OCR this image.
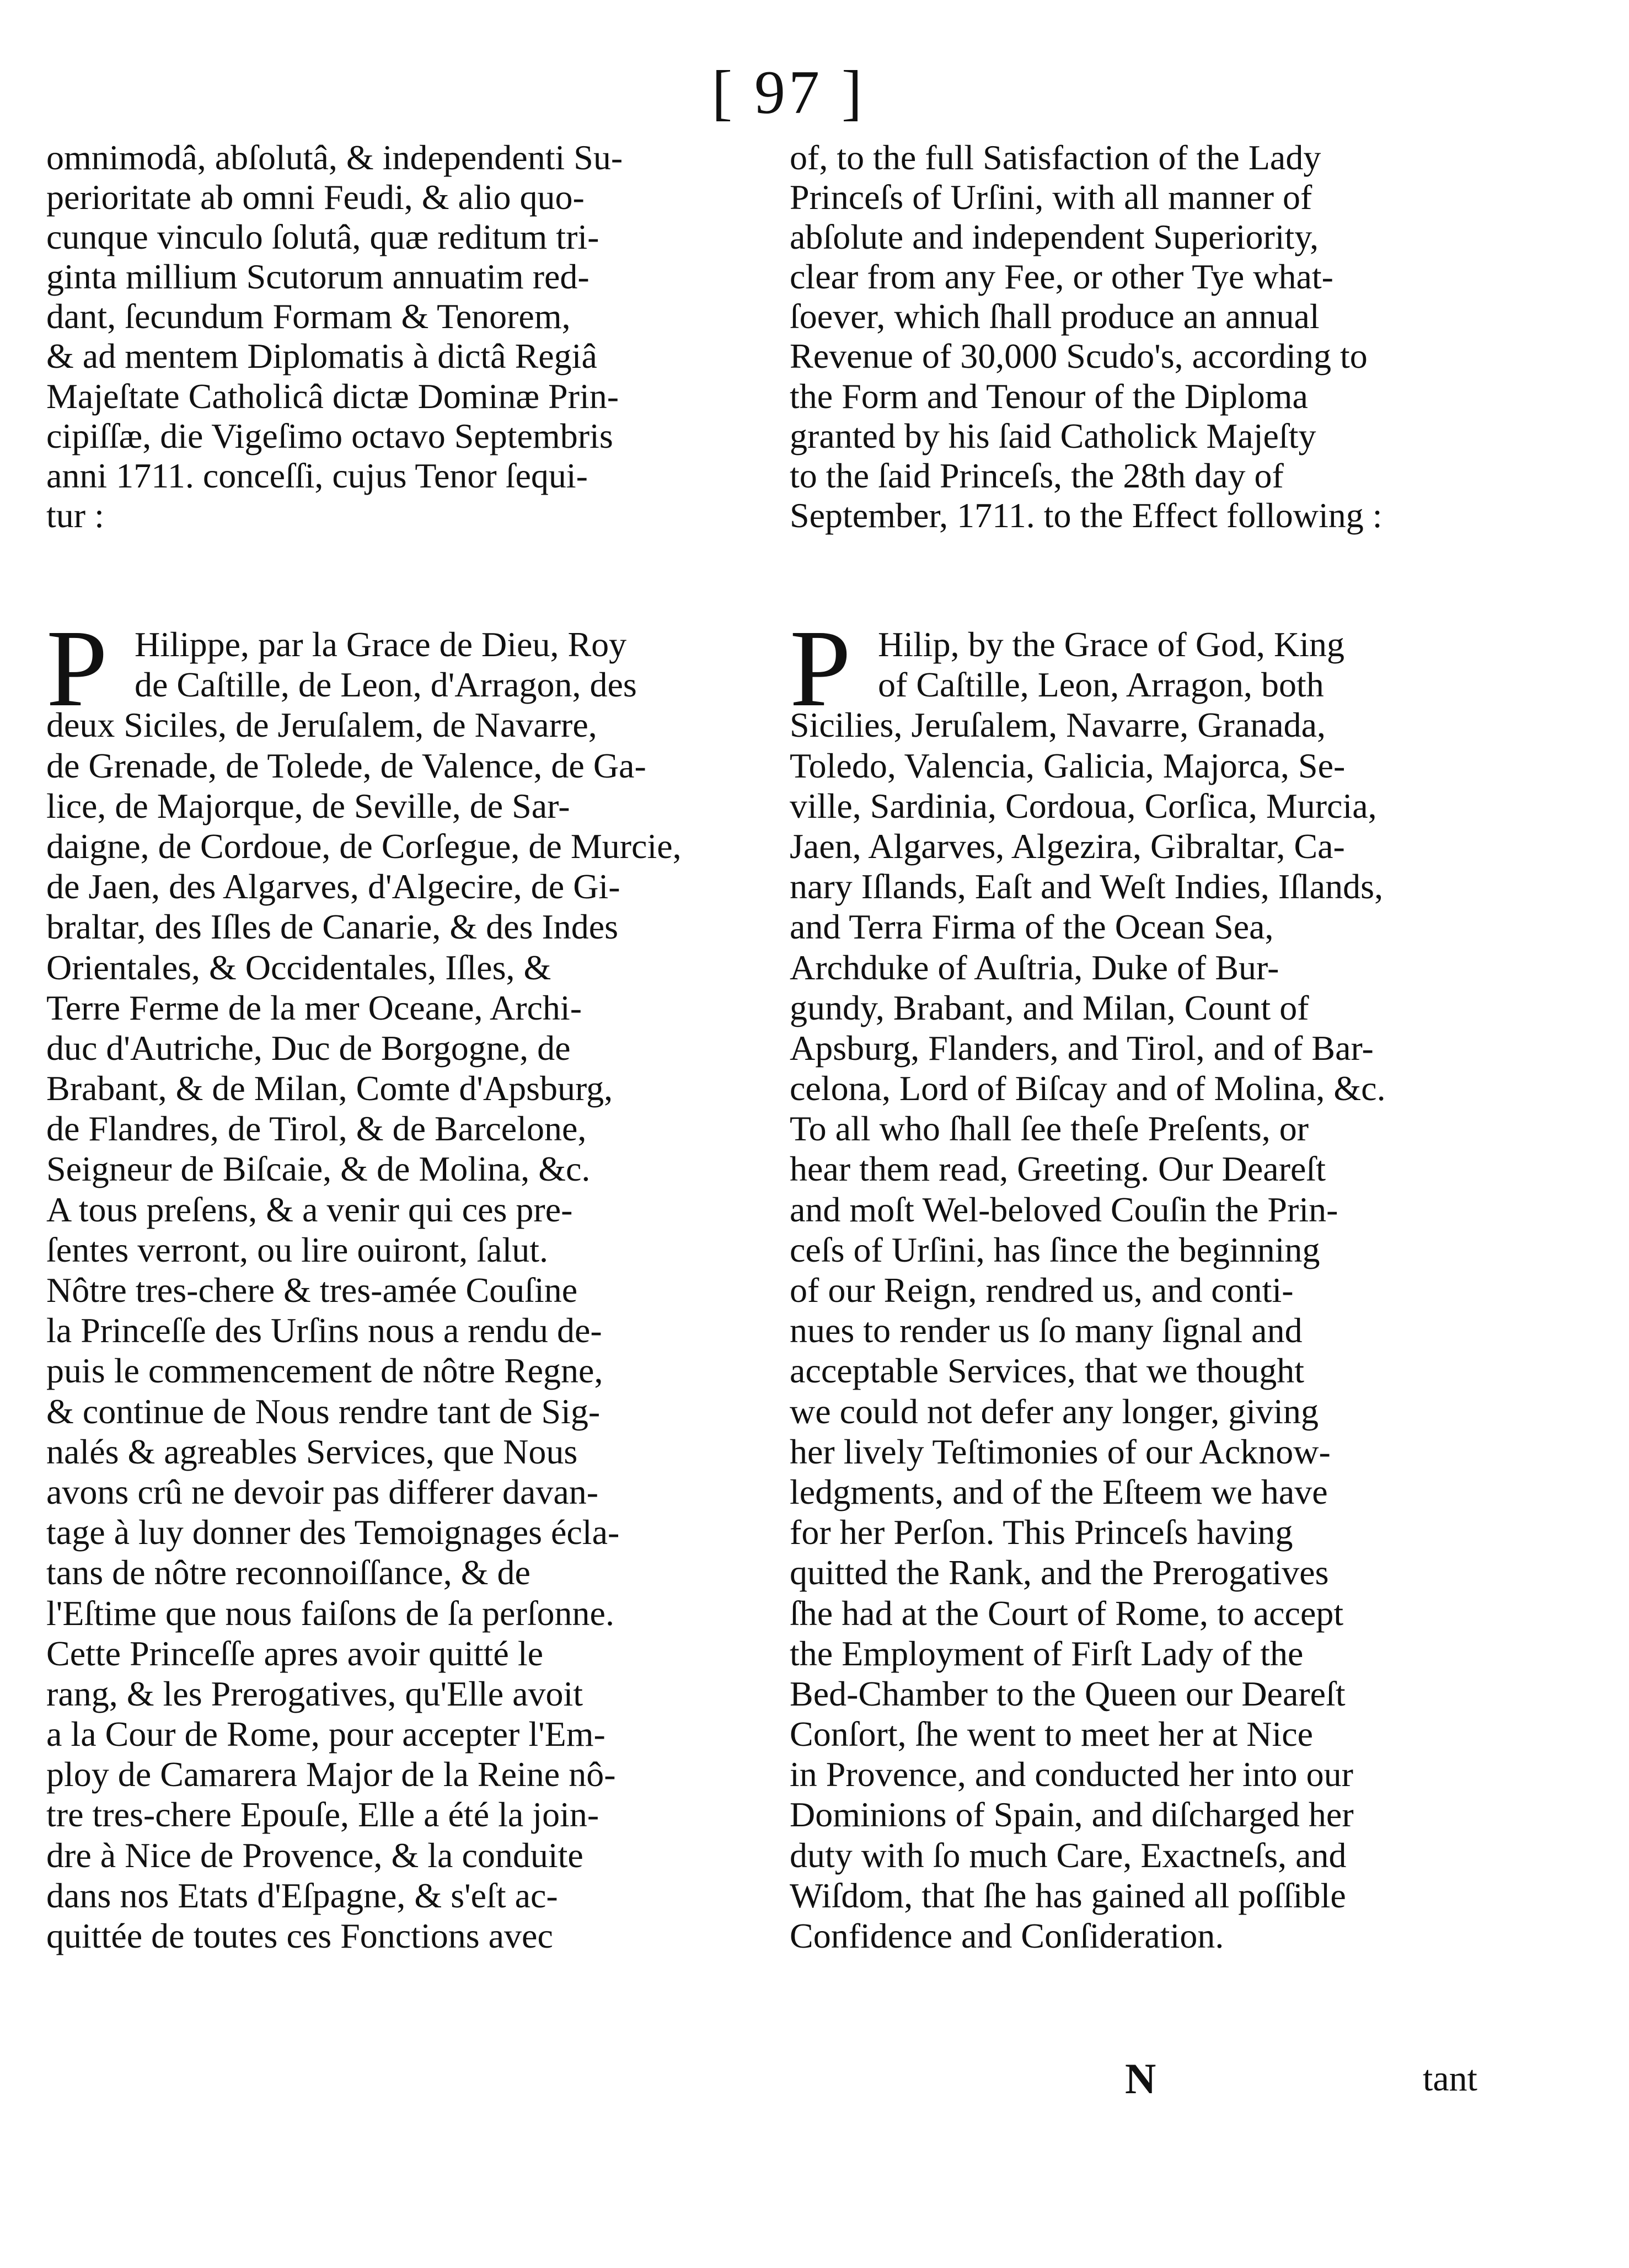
[ 97 ]
omnimodâ, abſolutâ, & independenti Su-
perioritate ab omni Feudi, & alio quo-
cunque vinculo ſolutâ, quæ reditum tri-
ginta millium Scutorum annuatim red-
dant, ſecundum Formam & Tenorem,
& ad mentem Diplomatis à dictâ Regiâ
Majeſtate Catholicâ dictæ Dominæ Prin-
cipiſſæ, die Vigeſimo octavo Septembris
anni 1711. conceſſi, cujus Tenor ſequi-
tur :
of, to the full Satisfaction of the Lady
Princeſs of Urſini, with all manner of
abſolute and independent Superiority,
clear from any Fee, or other Tye what-
ſoever, which ſhall produce an annual
Revenue of 30,000 Scudo's, according to
the Form and Tenour of the Diploma
granted by his ſaid Catholick Majeſty
to the ſaid Princeſs, the 28th day of
September, 1711. to the Effect following :
P Hilippe, par la Grace de Dieu, Roy
de Caſtille, de Leon, d'Arragon, des
deux Siciles, de Jeruſalem, de Navarre,
de Grenade, de Tolede, de Valence, de Ga-
lice, de Majorque, de Seville, de Sar-
daigne, de Cordoue, de Corſegue, de Murcie,
de Jaen, des Algarves, d'Algecire, de Gi-
braltar, des Iſles de Canarie, & des Indes
Orientales, & Occidentales, Iſles, &
Terre Ferme de la mer Oceane, Archi-
duc d'Autriche, Duc de Borgogne, de
Brabant, & de Milan, Comte d'Apsburg,
de Flandres, de Tirol, & de Barcelone,
Seigneur de Biſcaie, & de Molina, &c.
A tous preſens, & a venir qui ces pre-
ſentes verront, ou lire ouiront, ſalut.
Nôtre tres-chere & tres-amée Couſine
la Princeſſe des Urſins nous a rendu de-
puis le commencement de nôtre Regne,
& continue de Nous rendre tant de Sig-
nalés & agreables Services, que Nous
avons crû ne devoir pas differer davan-
tage à luy donner des Temoignages écla-
tans de nôtre reconnoiſſance, & de
l'Eſtime que nous faiſons de ſa perſonne.
Cette Princeſſe apres avoir quitté le
rang, & les Prerogatives, qu'Elle avoit
a la Cour de Rome, pour accepter l'Em-
ploy de Camarera Major de la Reine nô-
tre tres-chere Epouſe, Elle a été la join-
dre à Nice de Provence, & la conduite
dans nos Etats d'Eſpagne, & s'eſt ac-
quittée de toutes ces Fonctions avec
P Hilip, by the Grace of God, King
of Caſtille, Leon, Arragon, both
Sicilies, Jeruſalem, Navarre, Granada,
Toledo, Valencia, Galicia, Majorca, Se-
ville, Sardinia, Cordoua, Corſica, Murcia,
Jaen, Algarves, Algezira, Gibraltar, Ca-
nary Iſlands, Eaſt and Weſt Indies, Iſlands,
and Terra Firma of the Ocean Sea,
Archduke of Auſtria, Duke of Bur-
gundy, Brabant, and Milan, Count of
Apsburg, Flanders, and Tirol, and of Bar-
celona, Lord of Biſcay and of Molina, &c.
To all who ſhall ſee theſe Preſents, or
hear them read, Greeting. Our Deareſt
and moſt Wel-beloved Couſin the Prin-
ceſs of Urſini, has ſince the beginning
of our Reign, rendred us, and conti-
nues to render us ſo many ſignal and
acceptable Services, that we thought
we could not defer any longer, giving
her lively Teſtimonies of our Acknow-
ledgments, and of the Eſteem we have
for her Perſon. This Princeſs having
quitted the Rank, and the Prerogatives
ſhe had at the Court of Rome, to accept
the Employment of Firſt Lady of the
Bed-Chamber to the Queen our Deareſt
Conſort, ſhe went to meet her at Nice
in Provence, and conducted her into our
Dominions of Spain, and diſcharged her
duty with ſo much Care, Exactneſs, and
Wiſdom, that ſhe has gained all poſſible
Confidence and Conſideration.
N	tant
